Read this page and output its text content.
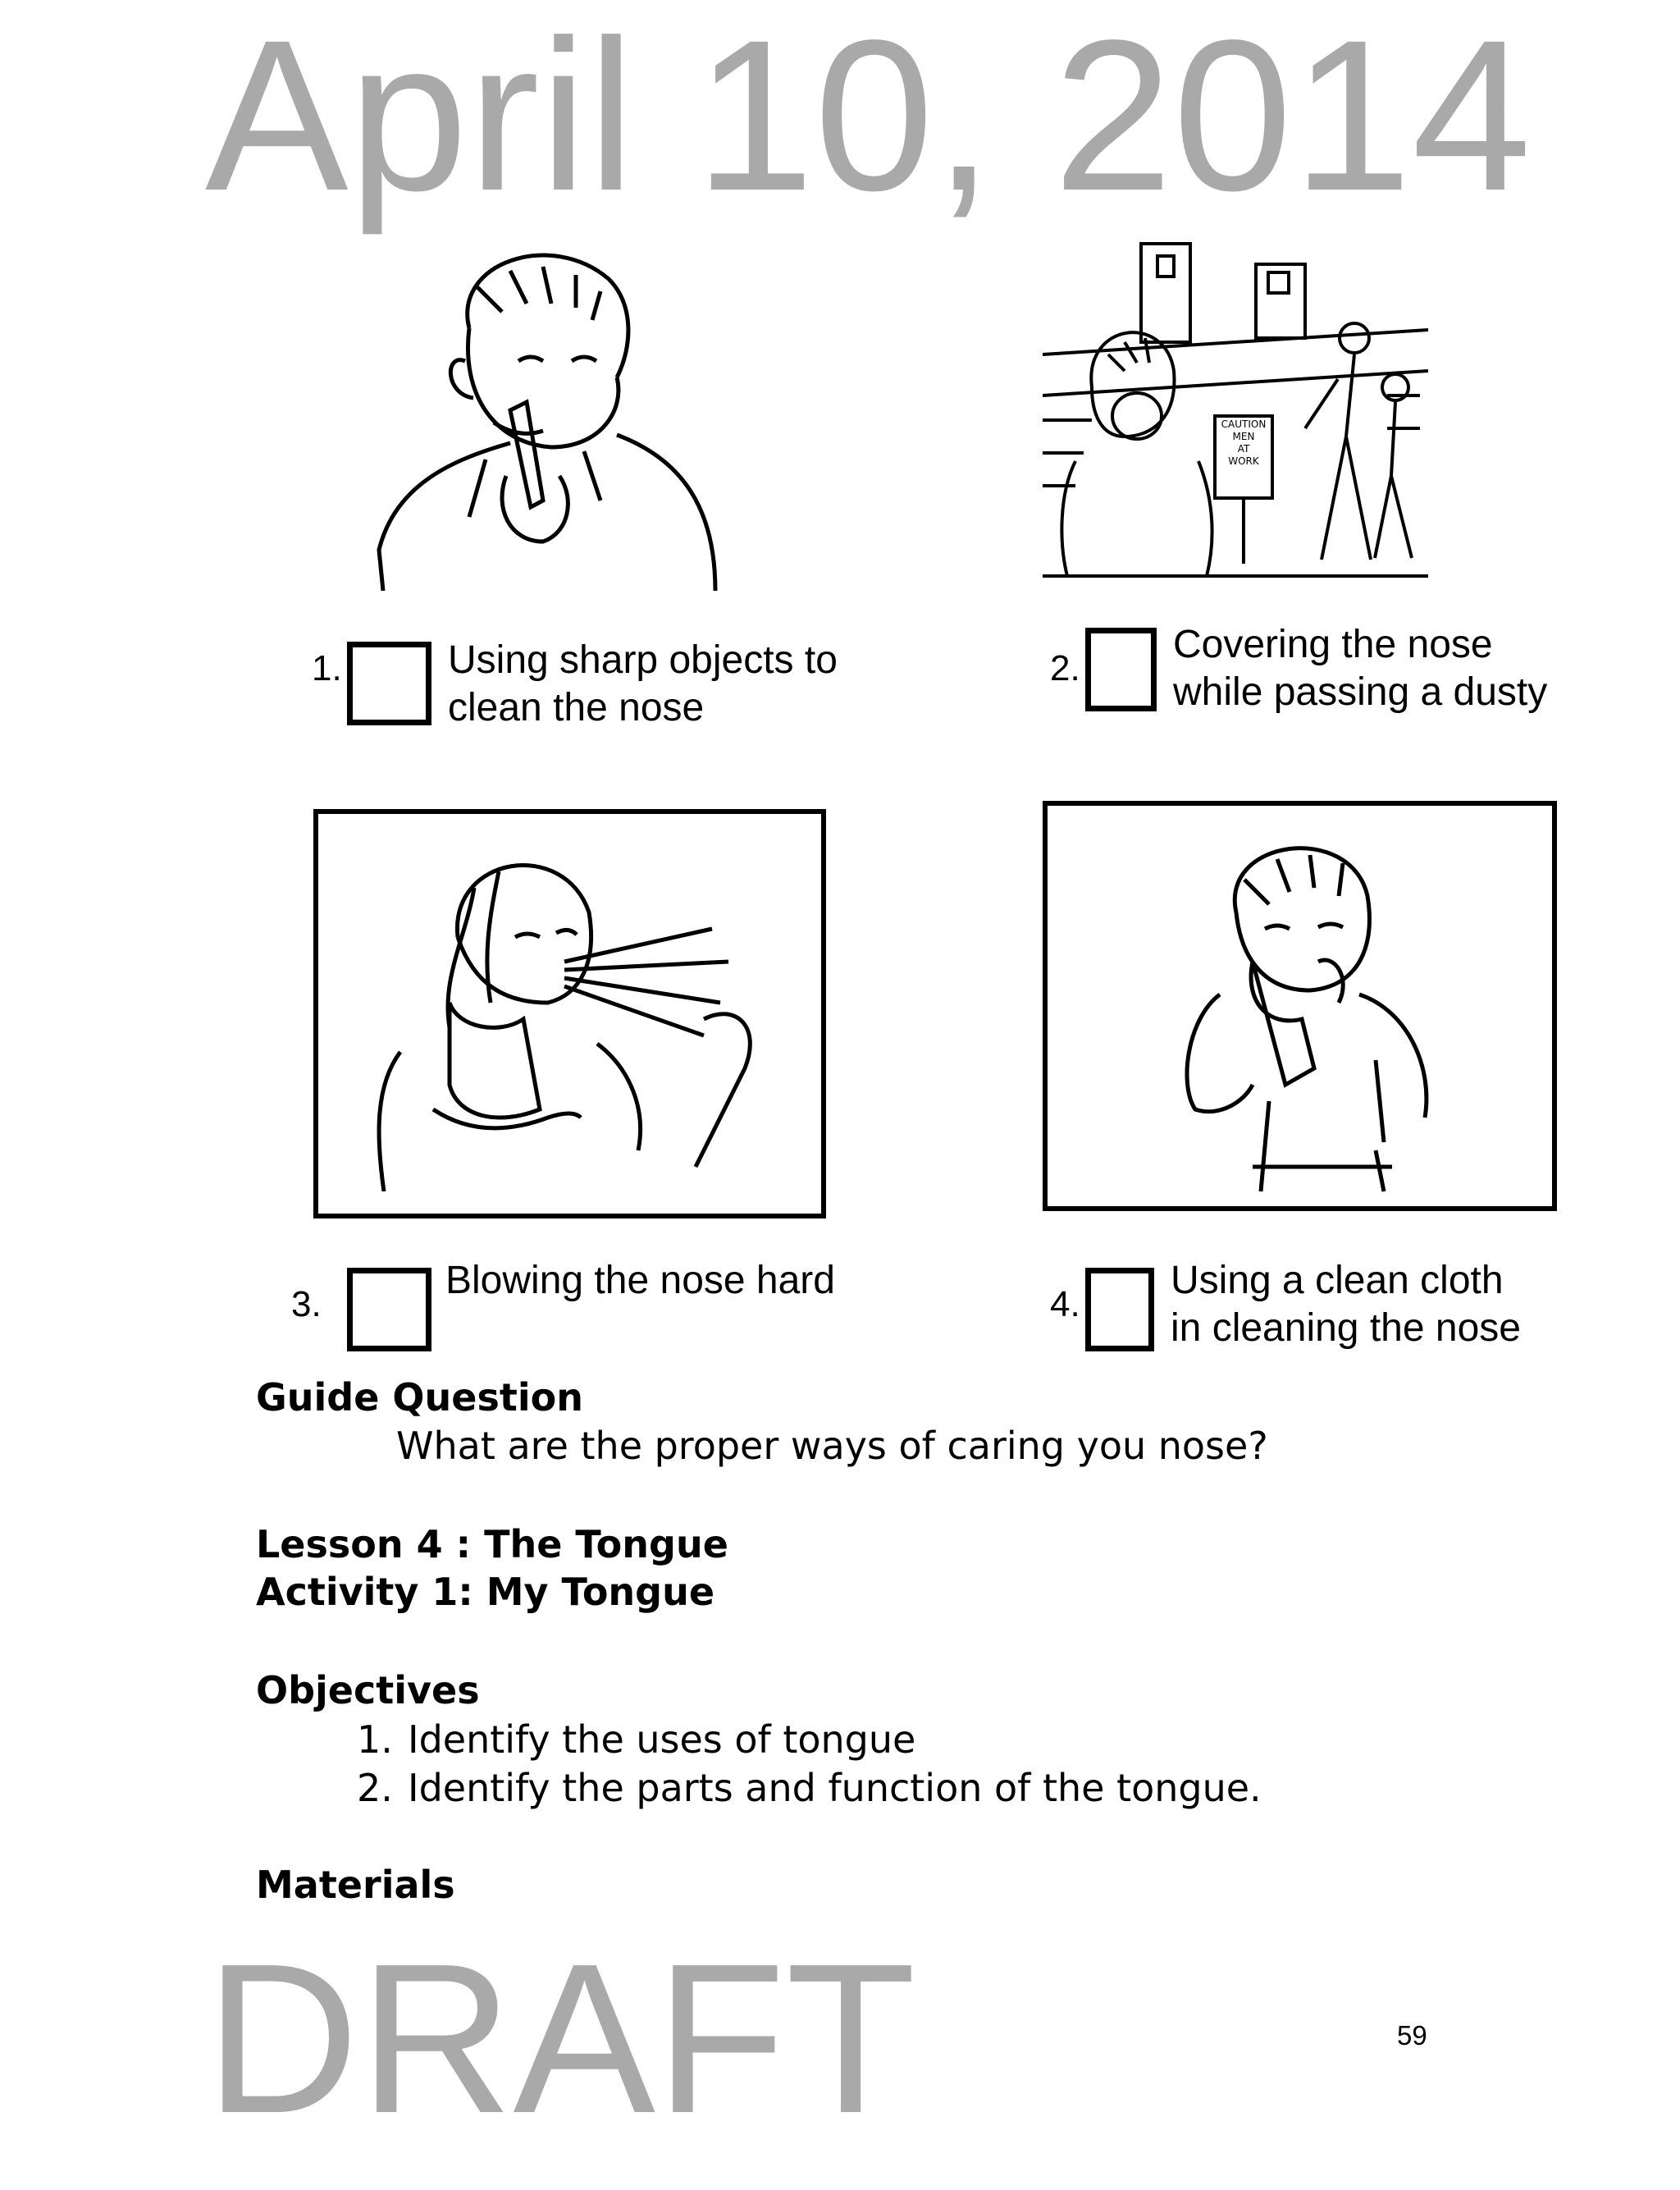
April 10, 2014
DRAFT
CAUTION
MEN
AT
WORK
1.	Using sharp objects to
clean the nose
2.
Covering the nose
while passing a dusty
3.
Blowing the nose hard
4.
Using a clean cloth
in cleaning the nose
Guide Question
What are the proper ways of caring you nose?
Lesson 4 : The Tongue
Activity 1: My Tongue
Objectives
1. Identify the uses of tongue
2. Identify the parts and function of the tongue.
Materials
59
